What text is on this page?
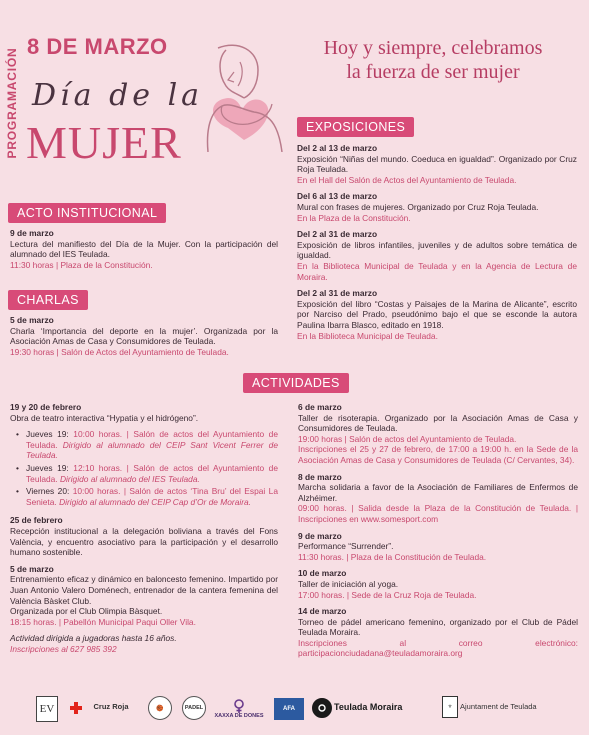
PROGRAMACIÓN
8 DE MARZO
Día de la
MUJER
Hoy y siempre, celebramos
la fuerza de ser mujer
EXPOSICIONES
Del 2 al 13 de marzo
Exposición “Niñas del mundo. Coeduca en igualdad”. Organizado por Cruz Roja Teulada.
En el Hall del Salón de Actos del Ayuntamiento de Teulada.
Del 6 al 13 de marzo
Mural con frases de mujeres. Organizado por Cruz Roja Teulada.
En la Plaza de la Constitución.
Del 2 al 31 de marzo
Exposición de libros infantiles, juveniles y de adultos sobre temática de igualdad.
En la Biblioteca Municipal de Teulada y en la Agencia de Lectura de Moraira.
Del 2 al 31 de marzo
Exposición del libro “Costas y Paisajes de la Marina de Alicante”, escrito por Narciso del Prado, pseudónimo bajo el que se esconde la autora Paulina Ibarra Blasco, editado en 1918.
En la Biblioteca Municipal de Teulada.
ACTO INSTITUCIONAL
9 de marzo
Lectura del manifiesto del Día de la Mujer. Con la participación del alumnado del IES Teulada.
11:30 horas | Plaza de la Constitución.
CHARLAS
5 de marzo
Charla ‘Importancia del deporte en la mujer’. Organizada por la Asociación Amas de Casa y Consumidores de Teulada.
19:30 horas | Salón de Actos del Ayuntamiento de Teulada.
ACTIVIDADES
19 y 20 de febrero
Obra de teatro interactiva “Hypatia y el hidrógeno”.
• Jueves 19: 10:00 horas. | Salón de actos del Ayuntamiento de Teulada. Dirigido al alumnado del CEIP Sant Vicent Ferrer de Teulada.
• Jueves 19: 12:10 horas. | Salón de actos del Ayuntamiento de Teulada. Dirigido al alumnado del IES Teulada.
• Viernes 20: 10:00 horas. | Salón de actos ‘Tina Bru’ del Espai La Senieta. Dirigido al alumnado del CEIP Cap d’Or de Moraira.
25 de febrero
Recepción institucional a la delegación boliviana a través del Fons València, y encuentro asociativo para la participación y el desarrollo humano sostenible.
5 de marzo
Entrenamiento eficaz y dinámico en baloncesto femenino. Impartido por Juan Antonio Valero Doménech, entrenador de la cantera femenina del València Bàsket Club.
Organizada por el Club Olimpia Bàsquet.
18:15 horas. | Pabellón Municipal Paqui Oller Vila.
Actividad dirigida a jugadoras hasta 16 años.
Inscripciones al 627 985 392
6 de marzo
Taller de risoterapia. Organizado por la Asociación Amas de Casa y Consumidores de Teulada.
19:00 horas | Salón de actos del Ayuntamiento de Teulada.
Inscripciones el 25 y 27 de febrero, de 17:00 a 19:00 h. en la Sede de la Asociación Amas de Casa y Consumidores de Teulada (C/ Cervantes, 34).
8 de marzo
Marcha solidaria a favor de la Asociación de Familiares de Enfermos de Alzhéimer.
09:00 horas. | Salida desde la Plaza de la Constitución de Teulada. | Inscripciones en www.somesport.com
9 de marzo
Performance “Surrender”.
11:30 horas. | Plaza de la Constitución de Teulada.
10 de marzo
Taller de iniciación al yoga.
17:00 horas. | Sede de la Cruz Roja de Teulada.
14 de marzo
Torneo de pádel americano femenino, organizado por el Club de Pádel Teulada Moraira.
Inscripciones al correo electrónico: participacionciudadana@teuladamoraira.org
EV	Cruz Roja	🏀	PADEL
XAXXA DE DONES
AFA	Teulada Moraira	⚜	Ajuntament de Teulada
